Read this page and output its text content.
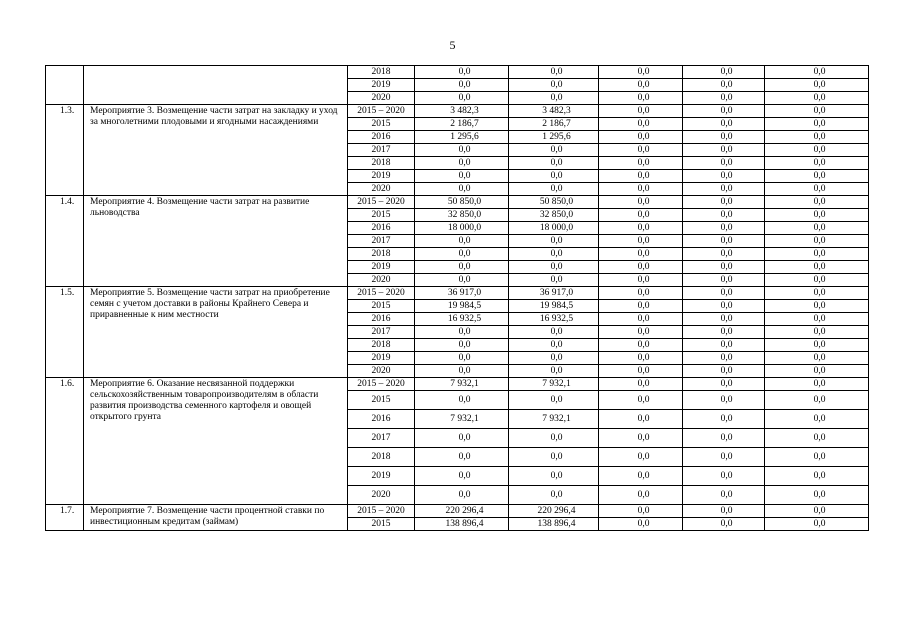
5
		2018	0,0	0,0	0,0	0,0	0,0
		2019	0,0	0,0	0,0	0,0	0,0
		2020	0,0	0,0	0,0	0,0	0,0
1.3.	Мероприятие 3. Возмещение части затрат на закладку и уход за многолетними плодовыми и ягодными насаждениями	2015 – 2020	3 482,3	3 482,3	0,0	0,0	0,0
		2015	2 186,7	2 186,7	0,0	0,0	0,0
		2016	1 295,6	1 295,6	0,0	0,0	0,0
		2017	0,0	0,0	0,0	0,0	0,0
		2018	0,0	0,0	0,0	0,0	0,0
		2019	0,0	0,0	0,0	0,0	0,0
		2020	0,0	0,0	0,0	0,0	0,0
1.4.	Мероприятие 4. Возмещение части затрат на развитие льноводства	2015 – 2020	50 850,0	50 850,0	0,0	0,0	0,0
		2015	32 850,0	32 850,0	0,0	0,0	0,0
		2016	18 000,0	18 000,0	0,0	0,0	0,0
		2017	0,0	0,0	0,0	0,0	0,0
		2018	0,0	0,0	0,0	0,0	0,0
		2019	0,0	0,0	0,0	0,0	0,0
		2020	0,0	0,0	0,0	0,0	0,0
1.5.	Мероприятие 5. Возмещение части затрат на приобретение семян с учетом доставки в районы Крайнего Севера и приравненные к ним местности	2015 – 2020	36 917,0	36 917,0	0,0	0,0	0,0
		2015	19 984,5	19 984,5	0,0	0,0	0,0
		2016	16 932,5	16 932,5	0,0	0,0	0,0
		2017	0,0	0,0	0,0	0,0	0,0
		2018	0,0	0,0	0,0	0,0	0,0
		2019	0,0	0,0	0,0	0,0	0,0
		2020	0,0	0,0	0,0	0,0	0,0
1.6.	Мероприятие 6. Оказание несвязанной поддержки сельскохозяйственным товаропроизводителям в области развития производства семенного картофеля и овощей открытого грунта	2015 – 2020	7 932,1	7 932,1	0,0	0,0	0,0
		2015	0,0	0,0	0,0	0,0	0,0
		2016	7 932,1	7 932,1	0,0	0,0	0,0
		2017	0,0	0,0	0,0	0,0	0,0
		2018	0,0	0,0	0,0	0,0	0,0
		2019	0,0	0,0	0,0	0,0	0,0
		2020	0,0	0,0	0,0	0,0	0,0
1.7.	Мероприятие 7. Возмещение части процентной ставки по инвестиционным кредитам (займам)	2015 – 2020	220 296,4	220 296,4	0,0	0,0	0,0
		2015	138 896,4	138 896,4	0,0	0,0	0,0
